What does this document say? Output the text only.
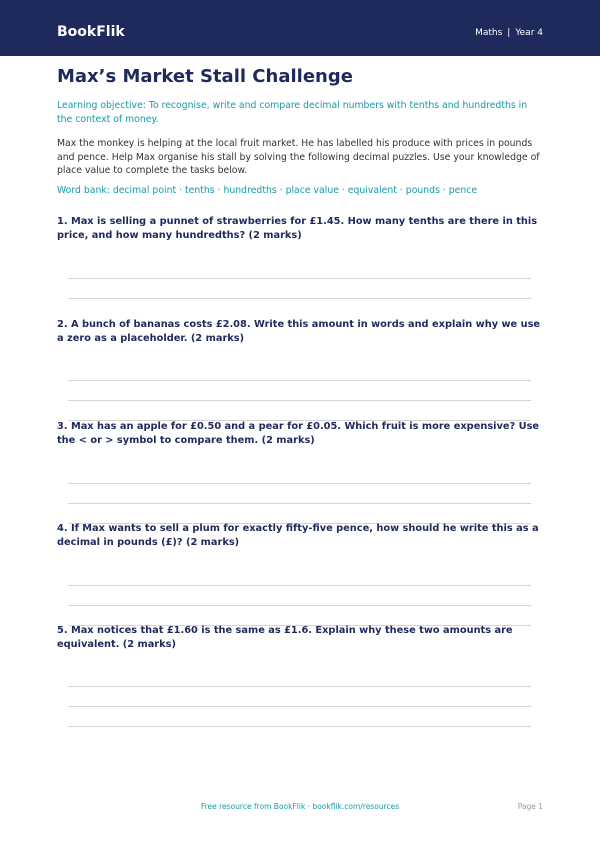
BookFlik	Maths | Year 4
Max’s Market Stall Challenge
Learning objective: To recognise, write and compare decimal numbers with tenths and hundredths in the context of money.
Max the monkey is helping at the local fruit market. He has labelled his produce with prices in pounds and pence. Help Max organise his stall by solving the following decimal puzzles. Use your knowledge of place value to complete the tasks below.
Word bank: decimal point · tenths · hundredths · place value · equivalent · pounds · pence
1. Max is selling a punnet of strawberries for £1.45. How many tenths are there in this price, and how many hundredths? (2 marks)
2. A bunch of bananas costs £2.08. Write this amount in words and explain why we use a zero as a placeholder. (2 marks)
3. Max has an apple for £0.50 and a pear for £0.05. Which fruit is more expensive? Use the < or > symbol to compare them. (2 marks)
4. If Max wants to sell a plum for exactly fifty-five pence, how should he write this as a decimal in pounds (£)? (2 marks)
5. Max notices that £1.60 is the same as £1.6. Explain why these two amounts are equivalent. (2 marks)
Free resource from BookFlik · bookflik.com/resources	Page 1
